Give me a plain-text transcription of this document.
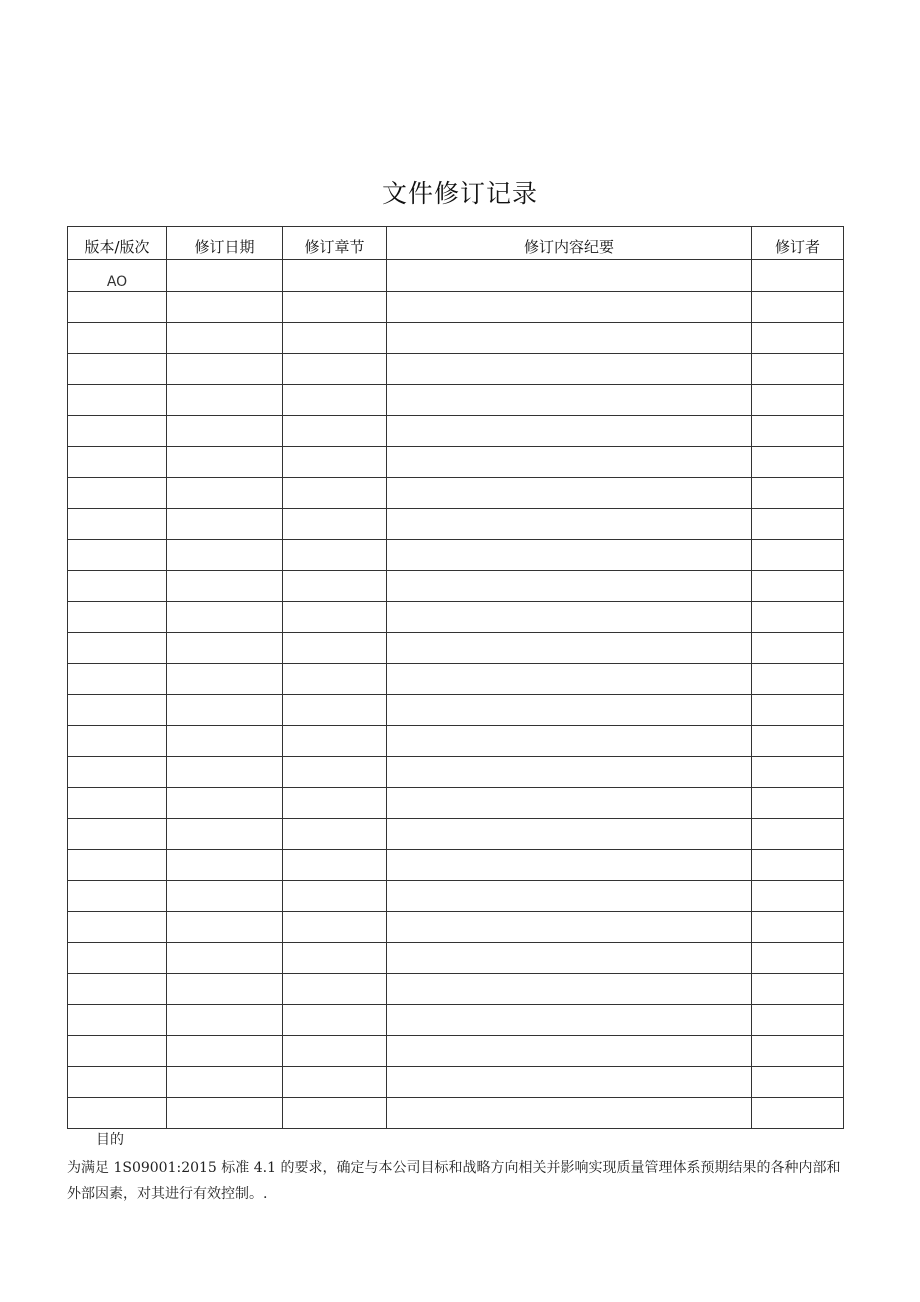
文件修订记录
版本/版次	修订日期	修订章节	修订内容纪要	修订者
AO				

目的
为满足 1S09001:2015 标准 4.1 的要求，确定与本公司目标和战略方向相关并影响实现质量管理体系预期结果的各种内部和外部因素，对其进行有效控制。.
